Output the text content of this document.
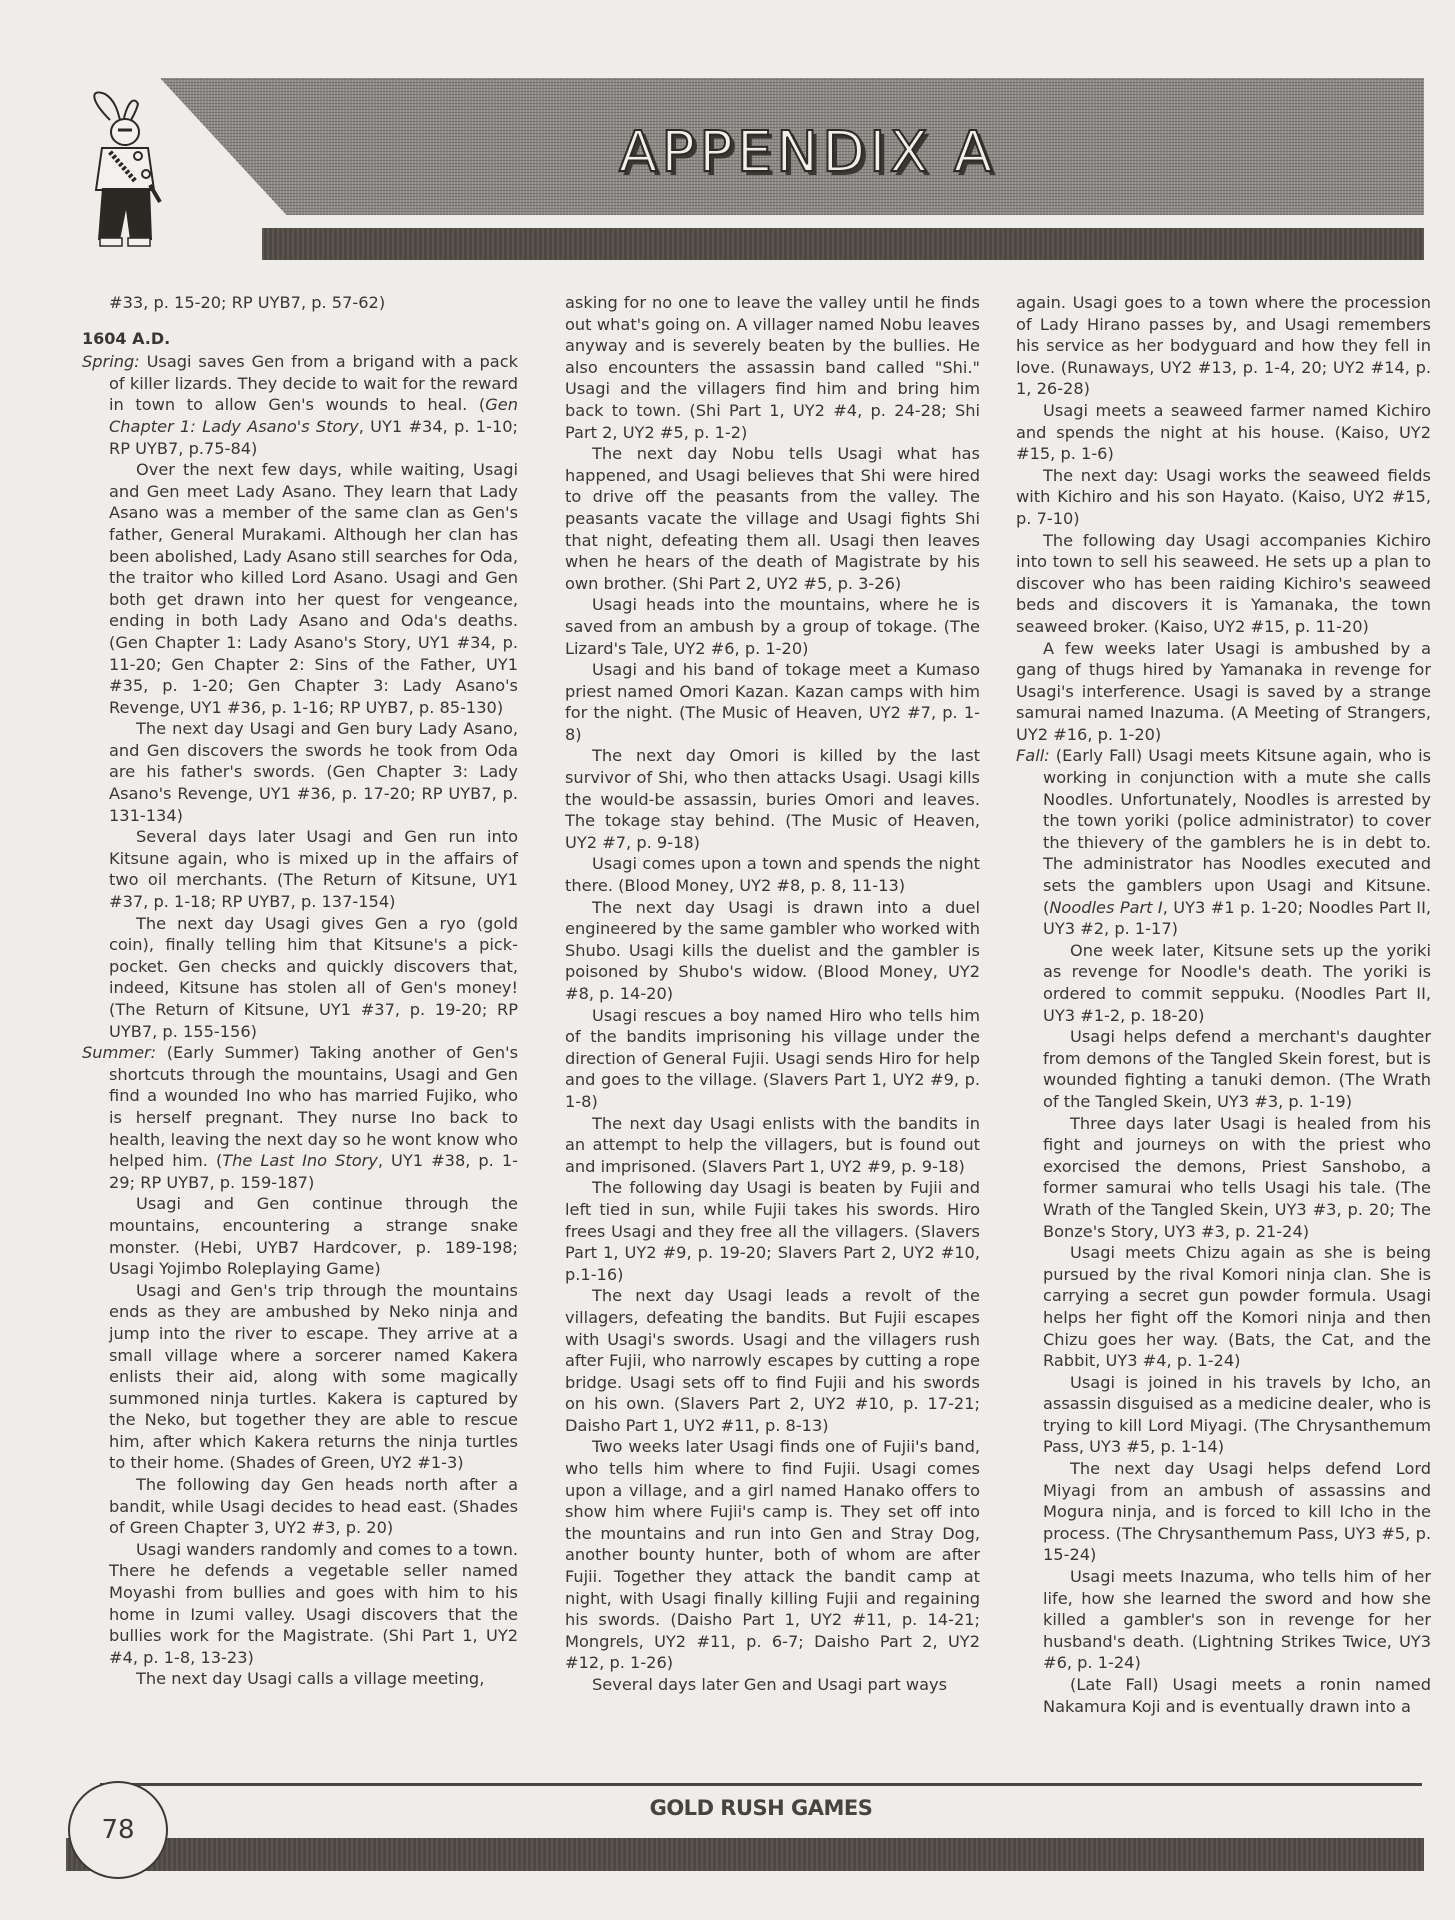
APPENDIX A

#33, p. 15-20; RP UYB7, p. 57-62)

1604 A.D.

Spring: Usagi saves Gen from a brigand with a pack of killer lizards. They decide to wait for the reward in town to allow Gen's wounds to heal. (Gen Chapter 1: Lady Asano's Story, UY1 #34, p. 1-10; RP UYB7, p.75-84)

Over the next few days, while waiting, Usagi and Gen meet Lady Asano. They learn that Lady Asano was a member of the same clan as Gen's father, General Murakami. Although her clan has been abolished, Lady Asano still searches for Oda, the traitor who killed Lord Asano. Usagi and Gen both get drawn into her quest for vengeance, ending in both Lady Asano and Oda's deaths. (Gen Chapter 1: Lady Asano's Story, UY1 #34, p. 11-20; Gen Chapter 2: Sins of the Father, UY1 #35, p. 1-20; Gen Chapter 3: Lady Asano's Revenge, UY1 #36, p. 1-16; RP UYB7, p. 85-130)

The next day Usagi and Gen bury Lady Asano, and Gen discovers the swords he took from Oda are his father's swords. (Gen Chapter 3: Lady Asano's Revenge, UY1 #36, p. 17-20; RP UYB7, p. 131-134)

Several days later Usagi and Gen run into Kitsune again, who is mixed up in the affairs of two oil merchants. (The Return of Kitsune, UY1 #37, p. 1-18; RP UYB7, p. 137-154)

The next day Usagi gives Gen a ryo (gold coin), finally telling him that Kitsune's a pick-pocket. Gen checks and quickly discovers that, indeed, Kitsune has stolen all of Gen's money! (The Return of Kitsune, UY1 #37, p. 19-20; RP UYB7, p. 155-156)

Summer: (Early Summer) Taking another of Gen's shortcuts through the mountains, Usagi and Gen find a wounded Ino who has married Fujiko, who is herself pregnant. They nurse Ino back to health, leaving the next day so he wont know who helped him. (The Last Ino Story, UY1 #38, p. 1-29; RP UYB7, p. 159-187)

Usagi and Gen continue through the mountains, encountering a strange snake monster. (Hebi, UYB7 Hardcover, p. 189-198; Usagi Yojimbo Roleplaying Game)

Usagi and Gen's trip through the mountains ends as they are ambushed by Neko ninja and jump into the river to escape. They arrive at a small village where a sorcerer named Kakera enlists their aid, along with some magically summoned ninja turtles. Kakera is captured by the Neko, but together they are able to rescue him, after which Kakera returns the ninja turtles to their home. (Shades of Green, UY2 #1-3)

The following day Gen heads north after a bandit, while Usagi decides to head east. (Shades of Green Chapter 3, UY2 #3, p. 20)

Usagi wanders randomly and comes to a town. There he defends a vegetable seller named Moyashi from bullies and goes with him to his home in Izumi valley. Usagi discovers that the bullies work for the Magistrate. (Shi Part 1, UY2 #4, p. 1-8, 13-23)

The next day Usagi calls a village meeting,

asking for no one to leave the valley until he finds out what's going on. A villager named Nobu leaves anyway and is severely beaten by the bullies. He also encounters the assassin band called "Shi." Usagi and the villagers find him and bring him back to town. (Shi Part 1, UY2 #4, p. 24-28; Shi Part 2, UY2 #5, p. 1-2)

The next day Nobu tells Usagi what has happened, and Usagi believes that Shi were hired to drive off the peasants from the valley. The peasants vacate the village and Usagi fights Shi that night, defeating them all. Usagi then leaves when he hears of the death of Magistrate by his own brother. (Shi Part 2, UY2 #5, p. 3-26)

Usagi heads into the mountains, where he is saved from an ambush by a group of tokage. (The Lizard's Tale, UY2 #6, p. 1-20)

Usagi and his band of tokage meet a Kumaso priest named Omori Kazan. Kazan camps with him for the night. (The Music of Heaven, UY2 #7, p. 1-8)

The next day Omori is killed by the last survivor of Shi, who then attacks Usagi. Usagi kills the would-be assassin, buries Omori and leaves. The tokage stay behind. (The Music of Heaven, UY2 #7, p. 9-18)

Usagi comes upon a town and spends the night there. (Blood Money, UY2 #8, p. 8, 11-13)

The next day Usagi is drawn into a duel engineered by the same gambler who worked with Shubo. Usagi kills the duelist and the gambler is poisoned by Shubo's widow. (Blood Money, UY2 #8, p. 14-20)

Usagi rescues a boy named Hiro who tells him of the bandits imprisoning his village under the direction of General Fujii. Usagi sends Hiro for help and goes to the village. (Slavers Part 1, UY2 #9, p. 1-8)

The next day Usagi enlists with the bandits in an attempt to help the villagers, but is found out and imprisoned. (Slavers Part 1, UY2 #9, p. 9-18)

The following day Usagi is beaten by Fujii and left tied in sun, while Fujii takes his swords. Hiro frees Usagi and they free all the villagers. (Slavers Part 1, UY2 #9, p. 19-20; Slavers Part 2, UY2 #10, p.1-16)

The next day Usagi leads a revolt of the villagers, defeating the bandits. But Fujii escapes with Usagi's swords. Usagi and the villagers rush after Fujii, who narrowly escapes by cutting a rope bridge. Usagi sets off to find Fujii and his swords on his own. (Slavers Part 2, UY2 #10, p. 17-21; Daisho Part 1, UY2 #11, p. 8-13)

Two weeks later Usagi finds one of Fujii's band, who tells him where to find Fujii. Usagi comes upon a village, and a girl named Hanako offers to show him where Fujii's camp is. They set off into the mountains and run into Gen and Stray Dog, another bounty hunter, both of whom are after Fujii. Together they attack the bandit camp at night, with Usagi finally killing Fujii and regaining his swords. (Daisho Part 1, UY2 #11, p. 14-21; Mongrels, UY2 #11, p. 6-7; Daisho Part 2, UY2 #12, p. 1-26)

Several days later Gen and Usagi part ways

again. Usagi goes to a town where the procession of Lady Hirano passes by, and Usagi remembers his service as her bodyguard and how they fell in love. (Runaways, UY2 #13, p. 1-4, 20; UY2 #14, p. 1, 26-28)

Usagi meets a seaweed farmer named Kichiro and spends the night at his house. (Kaiso, UY2 #15, p. 1-6)

The next day: Usagi works the seaweed fields with Kichiro and his son Hayato. (Kaiso, UY2 #15, p. 7-10)

The following day Usagi accompanies Kichiro into town to sell his seaweed. He sets up a plan to discover who has been raiding Kichiro's seaweed beds and discovers it is Yamanaka, the town seaweed broker. (Kaiso, UY2 #15, p. 11-20)

A few weeks later Usagi is ambushed by a gang of thugs hired by Yamanaka in revenge for Usagi's interference. Usagi is saved by a strange samurai named Inazuma. (A Meeting of Strangers, UY2 #16, p. 1-20)

Fall: (Early Fall) Usagi meets Kitsune again, who is working in conjunction with a mute she calls Noodles. Unfortunately, Noodles is arrested by the town yoriki (police administrator) to cover the thievery of the gamblers he is in debt to. The administrator has Noodles executed and sets the gamblers upon Usagi and Kitsune. (Noodles Part I, UY3 #1 p. 1-20; Noodles Part II, UY3 #2, p. 1-17)

One week later, Kitsune sets up the yoriki as revenge for Noodle's death. The yoriki is ordered to commit seppuku. (Noodles Part II, UY3 #1-2, p. 18-20)

Usagi helps defend a merchant's daughter from demons of the Tangled Skein forest, but is wounded fighting a tanuki demon. (The Wrath of the Tangled Skein, UY3 #3, p. 1-19)

Three days later Usagi is healed from his fight and journeys on with the priest who exorcised the demons, Priest Sanshobo, a former samurai who tells Usagi his tale. (The Wrath of the Tangled Skein, UY3 #3, p. 20; The Bonze's Story, UY3 #3, p. 21-24)

Usagi meets Chizu again as she is being pursued by the rival Komori ninja clan. She is carrying a secret gun powder formula. Usagi helps her fight off the Komori ninja and then Chizu goes her way. (Bats, the Cat, and the Rabbit, UY3 #4, p. 1-24)

Usagi is joined in his travels by Icho, an assassin disguised as a medicine dealer, who is trying to kill Lord Miyagi. (The Chrysanthemum Pass, UY3 #5, p. 1-14)

The next day Usagi helps defend Lord Miyagi from an ambush of assassins and Mogura ninja, and is forced to kill Icho in the process. (The Chrysanthemum Pass, UY3 #5, p. 15-24)

Usagi meets Inazuma, who tells him of her life, how she learned the sword and how she killed a gambler's son in revenge for her husband's death. (Lightning Strikes Twice, UY3 #6, p. 1-24)

(Late Fall) Usagi meets a ronin named Nakamura Koji and is eventually drawn into a

GOLD RUSH GAMES
78
